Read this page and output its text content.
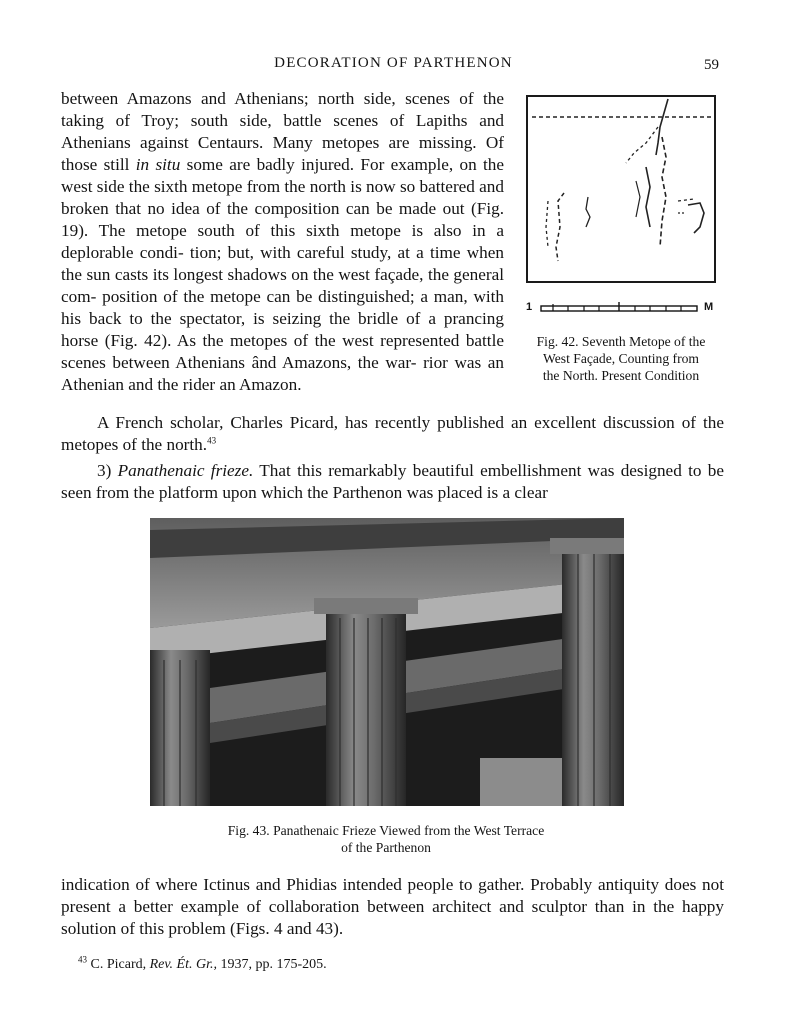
DECORATION OF PARTHENON	59

between Amazons and Athenians; north side, scenes of the taking of Troy; south side, battle scenes of Lapiths and Athenians against Centaurs. Many metopes are missing. Of those still in situ some are badly injured. For example, on the west side the sixth metope from the north is now so battered and broken that no idea of the composition can be made out (Fig. 19). The metope south of this sixth metope is also in a deplorable condi- tion; but, with careful study, at a time when the sun casts its longest shadows on the west façade, the general com- position of the metope can be distinguished; a man, with his back to the spectator, is seizing the bridle of a prancing horse (Fig. 42). As the metopes of the west represented battle scenes between Athenians ând Amazons, the war- rior was an Athenian and the rider an Amazon.

1	M
Fig. 42. Seventh Metope of the
West Façade, Counting from
the North. Present Condition

A French scholar, Charles Picard, has recently published an excellent discussion of the metopes of the north.$^{43}$

3) Panathenaic frieze. That this remarkably beautiful embellishment was designed to be seen from the platform upon which the Parthenon was placed is a clear

Fig. 43. Panathenaic Frieze Viewed from the West Terrace
of the Parthenon

indication of where Ictinus and Phidias intended people to gather. Probably antiquity does not present a better example of collaboration between architect and sculptor than in the happy solution of this problem (Figs. 4 and 43).

$^{43}$ C. Picard, Rev. Ét. Gr., 1937, pp. 175-205.
